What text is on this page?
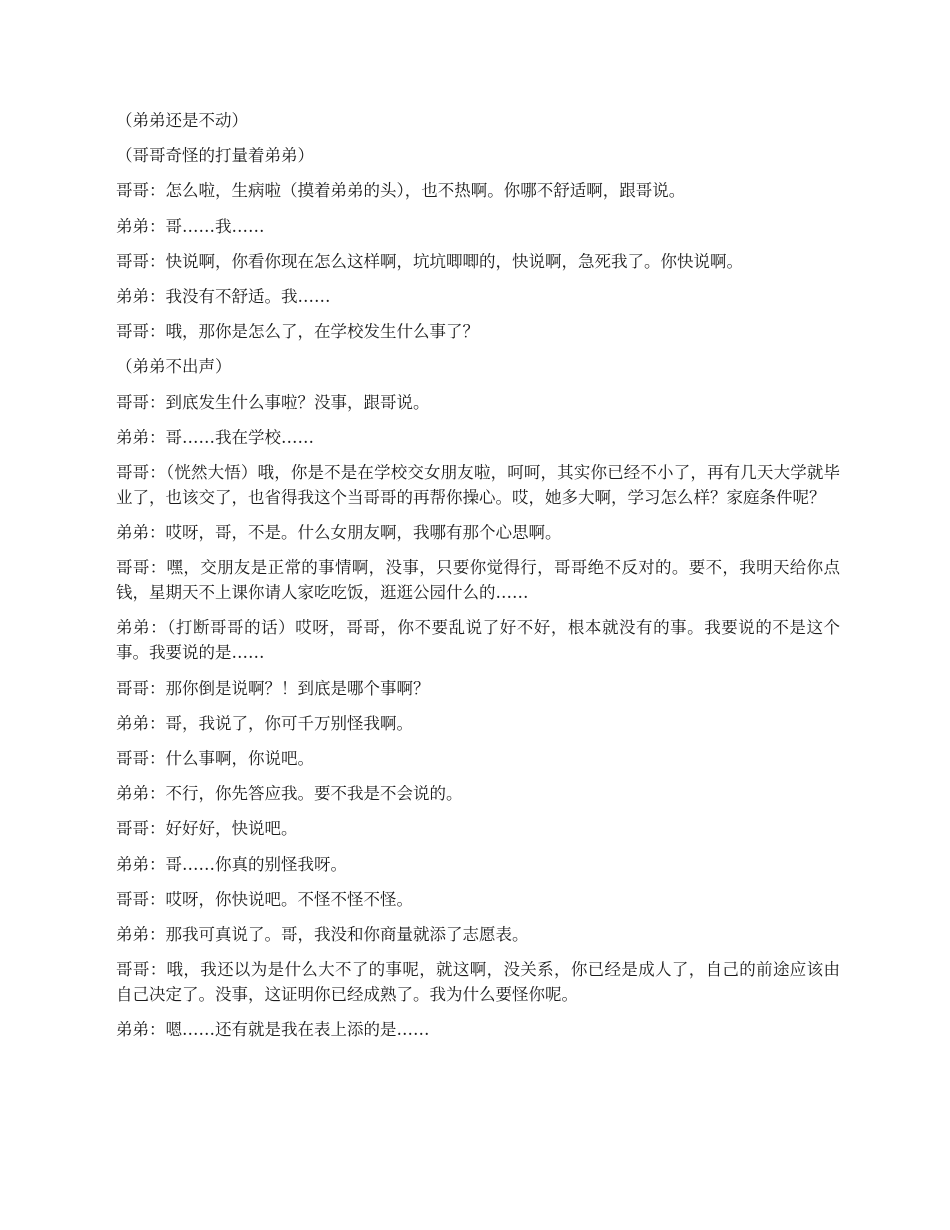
（弟弟还是不动）

（哥哥奇怪的打量着弟弟）

哥哥：怎么啦，生病啦（摸着弟弟的头），也不热啊。你哪不舒适啊，跟哥说。

弟弟：哥……我……

哥哥：快说啊，你看你现在怎么这样啊，坑坑唧唧的，快说啊，急死我了。你快说啊。

弟弟：我没有不舒适。我……

哥哥：哦，那你是怎么了，在学校发生什么事了？

（弟弟不出声）

哥哥：到底发生什么事啦？没事，跟哥说。

弟弟：哥……我在学校……

哥哥：（恍然大悟）哦，你是不是在学校交女朋友啦，呵呵，其实你已经不小了，再有几天大学就毕业了，也该交了，也省得我这个当哥哥的再帮你操心。哎，她多大啊，学习怎么样？家庭条件呢？

弟弟：哎呀，哥，不是。什么女朋友啊，我哪有那个心思啊。

哥哥：嘿，交朋友是正常的事情啊，没事，只要你觉得行，哥哥绝不反对的。要不，我明天给你点钱，星期天不上课你请人家吃吃饭，逛逛公园什么的……

弟弟：（打断哥哥的话）哎呀，哥哥，你不要乱说了好不好，根本就没有的事。我要说的不是这个事。我要说的是……

哥哥：那你倒是说啊？！到底是哪个事啊？

弟弟：哥，我说了，你可千万别怪我啊。

哥哥：什么事啊，你说吧。

弟弟：不行，你先答应我。要不我是不会说的。

哥哥：好好好，快说吧。

弟弟：哥……你真的别怪我呀。

哥哥：哎呀，你快说吧。不怪不怪不怪。

弟弟：那我可真说了。哥，我没和你商量就添了志愿表。

哥哥：哦，我还以为是什么大不了的事呢，就这啊，没关系，你已经是成人了，自己的前途应该由自己决定了。没事，这证明你已经成熟了。我为什么要怪你呢。

弟弟：嗯……还有就是我在表上添的是……
